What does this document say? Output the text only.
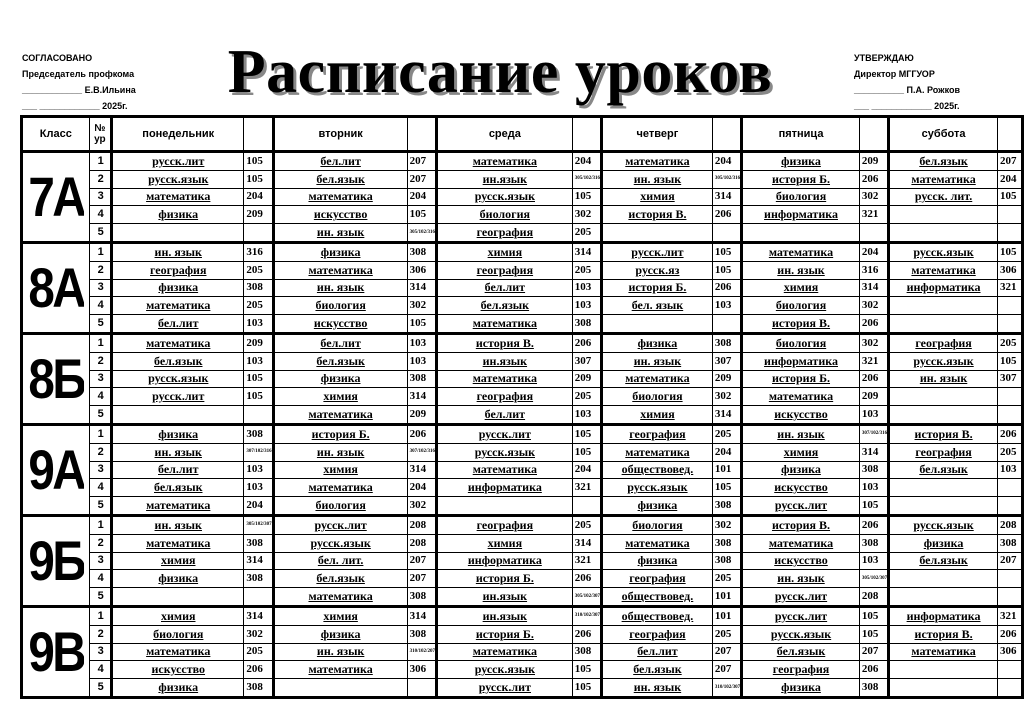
СОГЛАСОВАНО
Председатель профкома
____________ Е.В.Ильина
___ ____________ 2025г.	Расписание уроков	УТВЕРЖДАЮ
Директор МГГУОР
__________ П.А. Рожков
___ ____________ 2025г.
Класс	№ ур	понедельник		вторник		среда		четверг		пятница		суббота	
7А	1	русск.лит	105	бел.лит	207	математика	204	математика	204	физика	209	бел.язык	207
	2	русск.язык	105	бел.язык	207	ин.язык	305/102/316	ин. язык	305/102/316	история Б.	206	математика	204
	3	математика	204	математика	204	русск.язык	105	химия	314	биология	302	русск. лит.	105
	4	физика	209	искусство	105	биология	302	история В.	206	информатика	321		
	5			ин. язык	305/102/316	география	205						
8А	1	ин. язык	316	физика	308	химия	314	русск.лит	105	математика	204	русск.язык	105
	2	география	205	математика	306	география	205	русск.яз	105	ин. язык	316	математика	306
	3	физика	308	ин. язык	314	бел.лит	103	история Б.	206	химия	314	информатика	321
	4	математика	205	биология	302	бел.язык	103	бел. язык	103	биология	302		
	5	бел.лит	103	искусство	105	математика	308			история В.	206		
8Б	1	математика	209	бел.лит	103	история В.	206	физика	308	биология	302	география	205
	2	бел.язык	103	бел.язык	103	ин.язык	307	ин. язык	307	информатика	321	русск.язык	105
	3	русск.язык	105	физика	308	математика	209	математика	209	история Б.	206	ин. язык	307
	4	русск.лит	105	химия	314	география	205	биология	302	математика	209		
	5			математика	209	бел.лит	103	химия	314	искусство	103		
9А	1	физика	308	история Б.	206	русск.лит	105	география	205	ин. язык	307/102/316	история В.	206
	2	ин. язык	307/102/316	ин. язык	307/102/316	русск.язык	105	математика	204	химия	314	география	205
	3	бел.лит	103	химия	314	математика	204	обществовед.	101	физика	308	бел.язык	103
	4	бел.язык	103	математика	204	информатика	321	русск.язык	105	искусство	103		
	5	математика	204	биология	302			физика	308	русск.лит	105		
9Б	1	ин. язык	305/102/307	русск.лит	208	география	205	биология	302	история В.	206	русск.язык	208
	2	математика	308	русск.язык	208	химия	314	математика	308	математика	308	физика	308
	3	химия	314	бел. лит.	207	информатика	321	физика	308	искусство	103	бел.язык	207
	4	физика	308	бел.язык	207	история Б.	206	география	205	ин. язык	305/102/307		
	5			математика	308	ин.язык	305/102/307	обществовед.	101	русск.лит	208		
9В	1	химия	314	химия	314	ин.язык	310/102/307	обществовед.	101	русск.лит	105	информатика	321
	2	биология	302	физика	308	история Б.	206	география	205	русск.язык	105	история В.	206
	3	математика	205	ин. язык	310/102/207	математика	308	бел.лит	207	бел.язык	207	математика	306
	4	искусство	206	математика	306	русск.язык	105	бел.язык	207	география	206		
	5	физика	308			русск.лит	105	ин. язык	310/102/307	физика	308		
